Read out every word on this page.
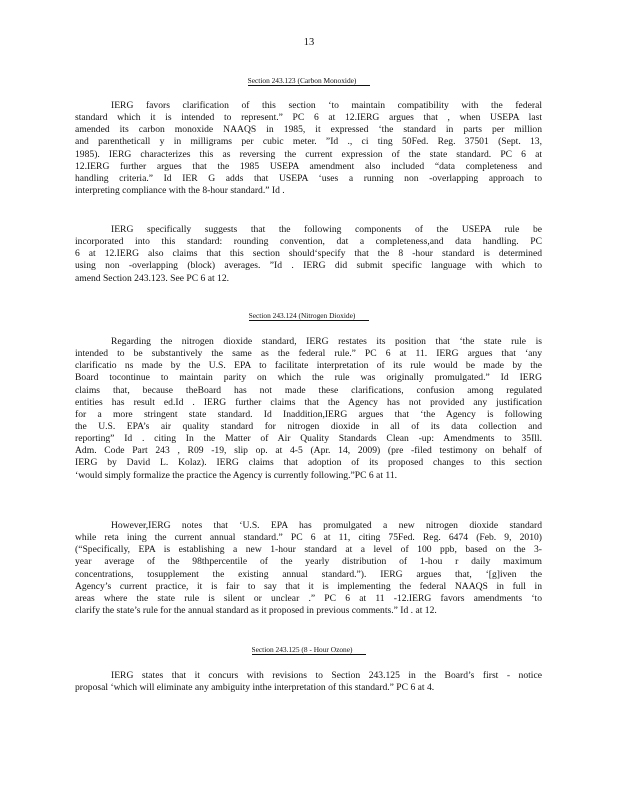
13
Section 243.123 (Carbon Monoxide)
IERG favors clarification of this section ‘to maintain compatibility with the federal
standard which it is intended to represent.” PC 6 at 12.IERG argues that , when USEPA last
amended its carbon monoxide NAAQS in 1985, it expressed ‘the standard in parts per million
and parentheticall y in milligrams per cubic meter. ”Id ., ci ting 50Fed. Reg. 37501 (Sept. 13,
1985). IERG characterizes this as reversing the current expression of the state standard. PC 6 at
12.IERG further argues that the 1985 USEPA amendment also included “data completeness and
handling criteria.” Id IER G adds that USEPA ‘uses a running non -overlapping approach to
interpreting compliance with the 8-hour standard.” Id .
IERG specifically suggests that the following components of the USEPA rule be
incorporated into this standard: rounding convention, dat a completeness,and data handling. PC
6 at 12.IERG also claims that this section should‘specify that the 8 -hour standard is determined
using non -overlapping (block) averages. ”Id . IERG did submit specific language with which to
amend Section 243.123. See PC 6 at 12.
Section 243.124 (Nitrogen Dioxide)
Regarding the nitrogen dioxide standard, IERG restates its position that ‘the state rule is
intended to be substantively the same as the federal rule.” PC 6 at 11. IERG argues that ‘any
clarificatio ns made by the U.S. EPA to facilitate interpretation of its rule would be made by the
Board tocontinue to maintain parity on which the rule was originally promulgated.” Id IERG
claims that, because theBoard has not made these clarifications, confusion among regulated
entities has result ed.Id . IERG further claims that the Agency has not provided any justification
for a more stringent state standard. Id Inaddition,IERG argues that ‘the Agency is following
the U.S. EPA’s air quality standard for nitrogen dioxide in all of its data collection and
reporting” Id . citing In the Matter of Air Quality Standards Clean -up: Amendments to 35Ill.
Adm. Code Part 243 , R09 -19, slip op. at 4-5 (Apr. 14, 2009) (pre -filed testimony on behalf of
IERG by David L. Kolaz). IERG claims that adoption of its proposed changes to this section
‘would simply formalize the practice the Agency is currently following.”PC 6 at 11.
However,IERG notes that ‘U.S. EPA has promulgated a new nitrogen dioxide standard
while reta ining the current annual standard.” PC 6 at 11, citing 75Fed. Reg. 6474 (Feb. 9, 2010)
(“Specifically, EPA is establishing a new 1-hour standard at a level of 100 ppb, based on the 3-
year average of the 98thpercentile of the yearly distribution of 1-hou r daily maximum
concentrations, tosupplement the existing annual standard.”). IERG argues that, ‘[g]iven the
Agency’s current practice, it is fair to say that it is implementing the federal NAAQS in full in
areas where the state rule is silent or unclear .” PC 6 at 11 -12.IERG favors amendments ‘to
clarify the state’s rule for the annual standard as it proposed in previous comments.” Id . at 12.
Section 243.125 (8 - Hour Ozone)
IERG states that it concurs with revisions to Section 243.125 in the Board’s first - notice
proposal ‘which will eliminate any ambiguity inthe interpretation of this standard.” PC 6 at 4.
